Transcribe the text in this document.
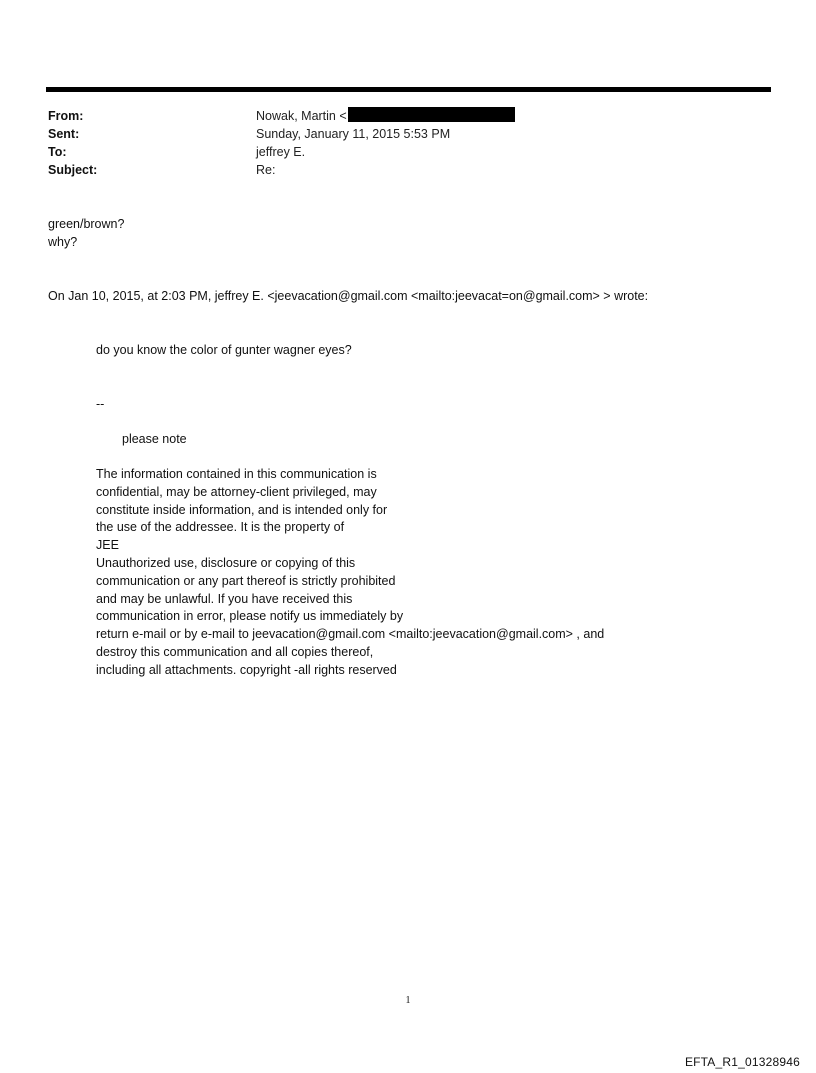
From:	Nowak, Martin <
Sent:	Sunday, January 11, 2015 5:53 PM
To:	jeffrey E.
Subject:	Re:
green/brown?
why?
On Jan 10, 2015, at 2:03 PM, jeffrey E. <jeevacation@gmail.com <mailto:jeevacat=on@gmail.com> > wrote:
do you know the color of gunter wagner eyes?
--
please note
The information contained in this communication is
confidential, may be attorney-client privileged, may
constitute inside information, and is intended only for
the use of the addressee. It is the property of
JEE
Unauthorized use, disclosure or copying of this
communication or any part thereof is strictly prohibited
and may be unlawful. If you have received this
communication in error, please notify us immediately by
return e-mail or by e-mail to jeevacation@gmail.com <mailto:jeevacation@gmail.com> , and
destroy this communication and all copies thereof,
including all attachments. copyright -all rights reserved
1
EFTA_R1_01328946
